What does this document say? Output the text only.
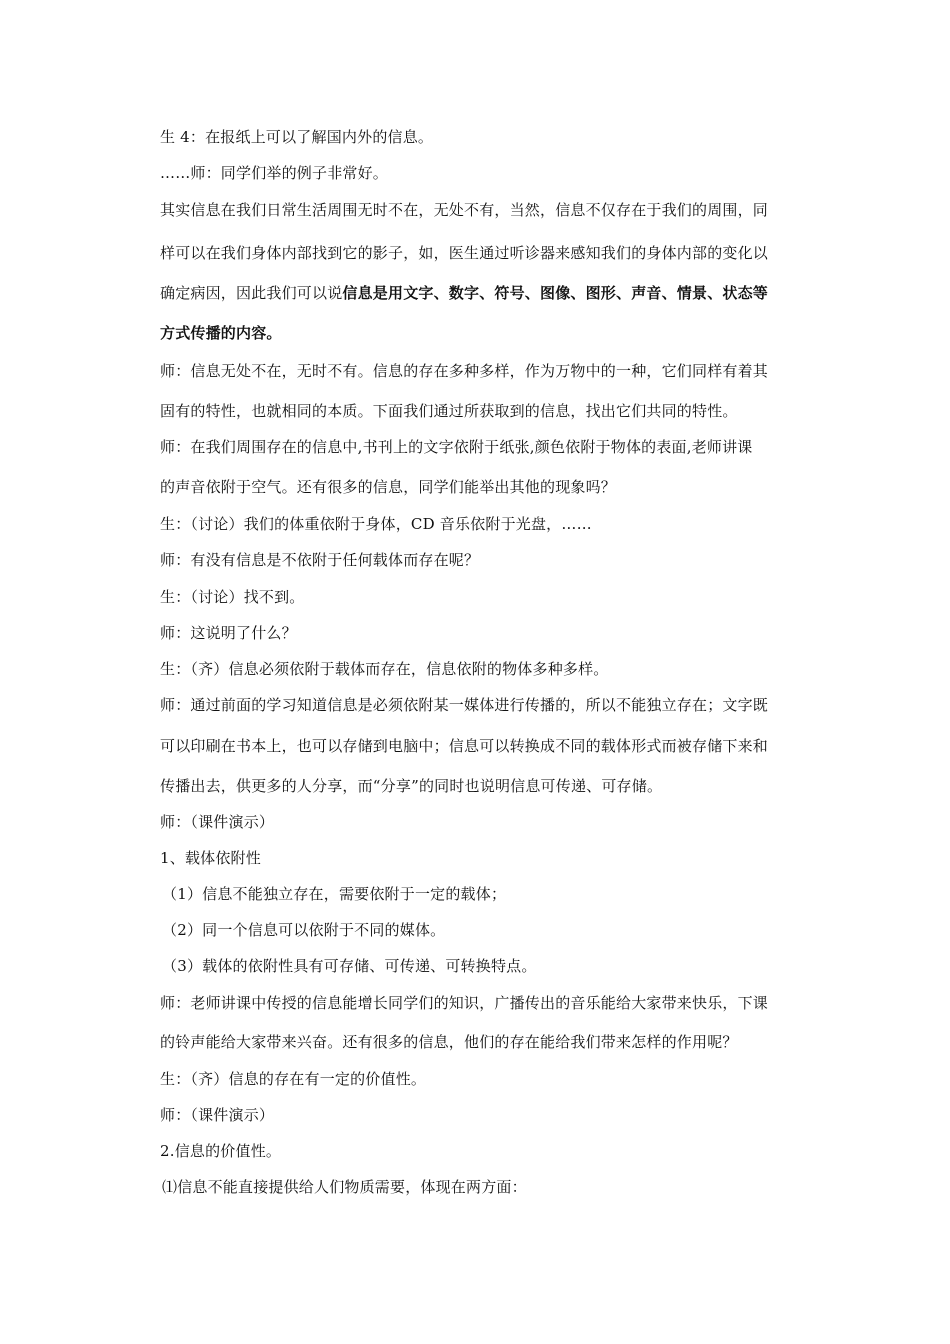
生 4：在报纸上可以了解国内外的信息。
……师：同学们举的例子非常好。
其实信息在我们日常生活周围无时不在，无处不有，当然，信息不仅存在于我们的周围，同
样可以在我们身体内部找到它的影子，如，医生通过听诊器来感知我们的身体内部的变化以
确定病因，因此我们可以说信息是用文字、数字、符号、图像、图形、声音、情景、状态等
方式传播的内容。
师：信息无处不在，无时不有。信息的存在多种多样，作为万物中的一种，它们同样有着其
固有的特性，也就相同的本质。下面我们通过所获取到的信息，找出它们共同的特性。
师：在我们周围存在的信息中,书刊上的文字依附于纸张,颜色依附于物体的表面,老师讲课
的声音依附于空气。还有很多的信息，同学们能举出其他的现象吗？
生：（讨论）我们的体重依附于身体，CD 音乐依附于光盘，……
师：有没有信息是不依附于任何载体而存在呢？
生：（讨论）找不到。
师：这说明了什么？
生：（齐）信息必须依附于载体而存在，信息依附的物体多种多样。
师：通过前面的学习知道信息是必须依附某一媒体进行传播的，所以不能独立存在；文字既
可以印刷在书本上，也可以存储到电脑中；信息可以转换成不同的载体形式而被存储下来和
传播出去，供更多的人分享，而“分享”的同时也说明信息可传递、可存储。
师：（课件演示）
1、载体依附性
（1）信息不能独立存在，需要依附于一定的载体；
（2）同一个信息可以依附于不同的媒体。
（3）载体的依附性具有可存储、可传递、可转换特点。
师：老师讲课中传授的信息能增长同学们的知识，广播传出的音乐能给大家带来快乐，下课
的铃声能给大家带来兴奋。还有很多的信息，他们的存在能给我们带来怎样的作用呢？
生：（齐）信息的存在有一定的价值性。
师：（课件演示）
2.信息的价值性。
⑴信息不能直接提供给人们物质需要，体现在两方面：
